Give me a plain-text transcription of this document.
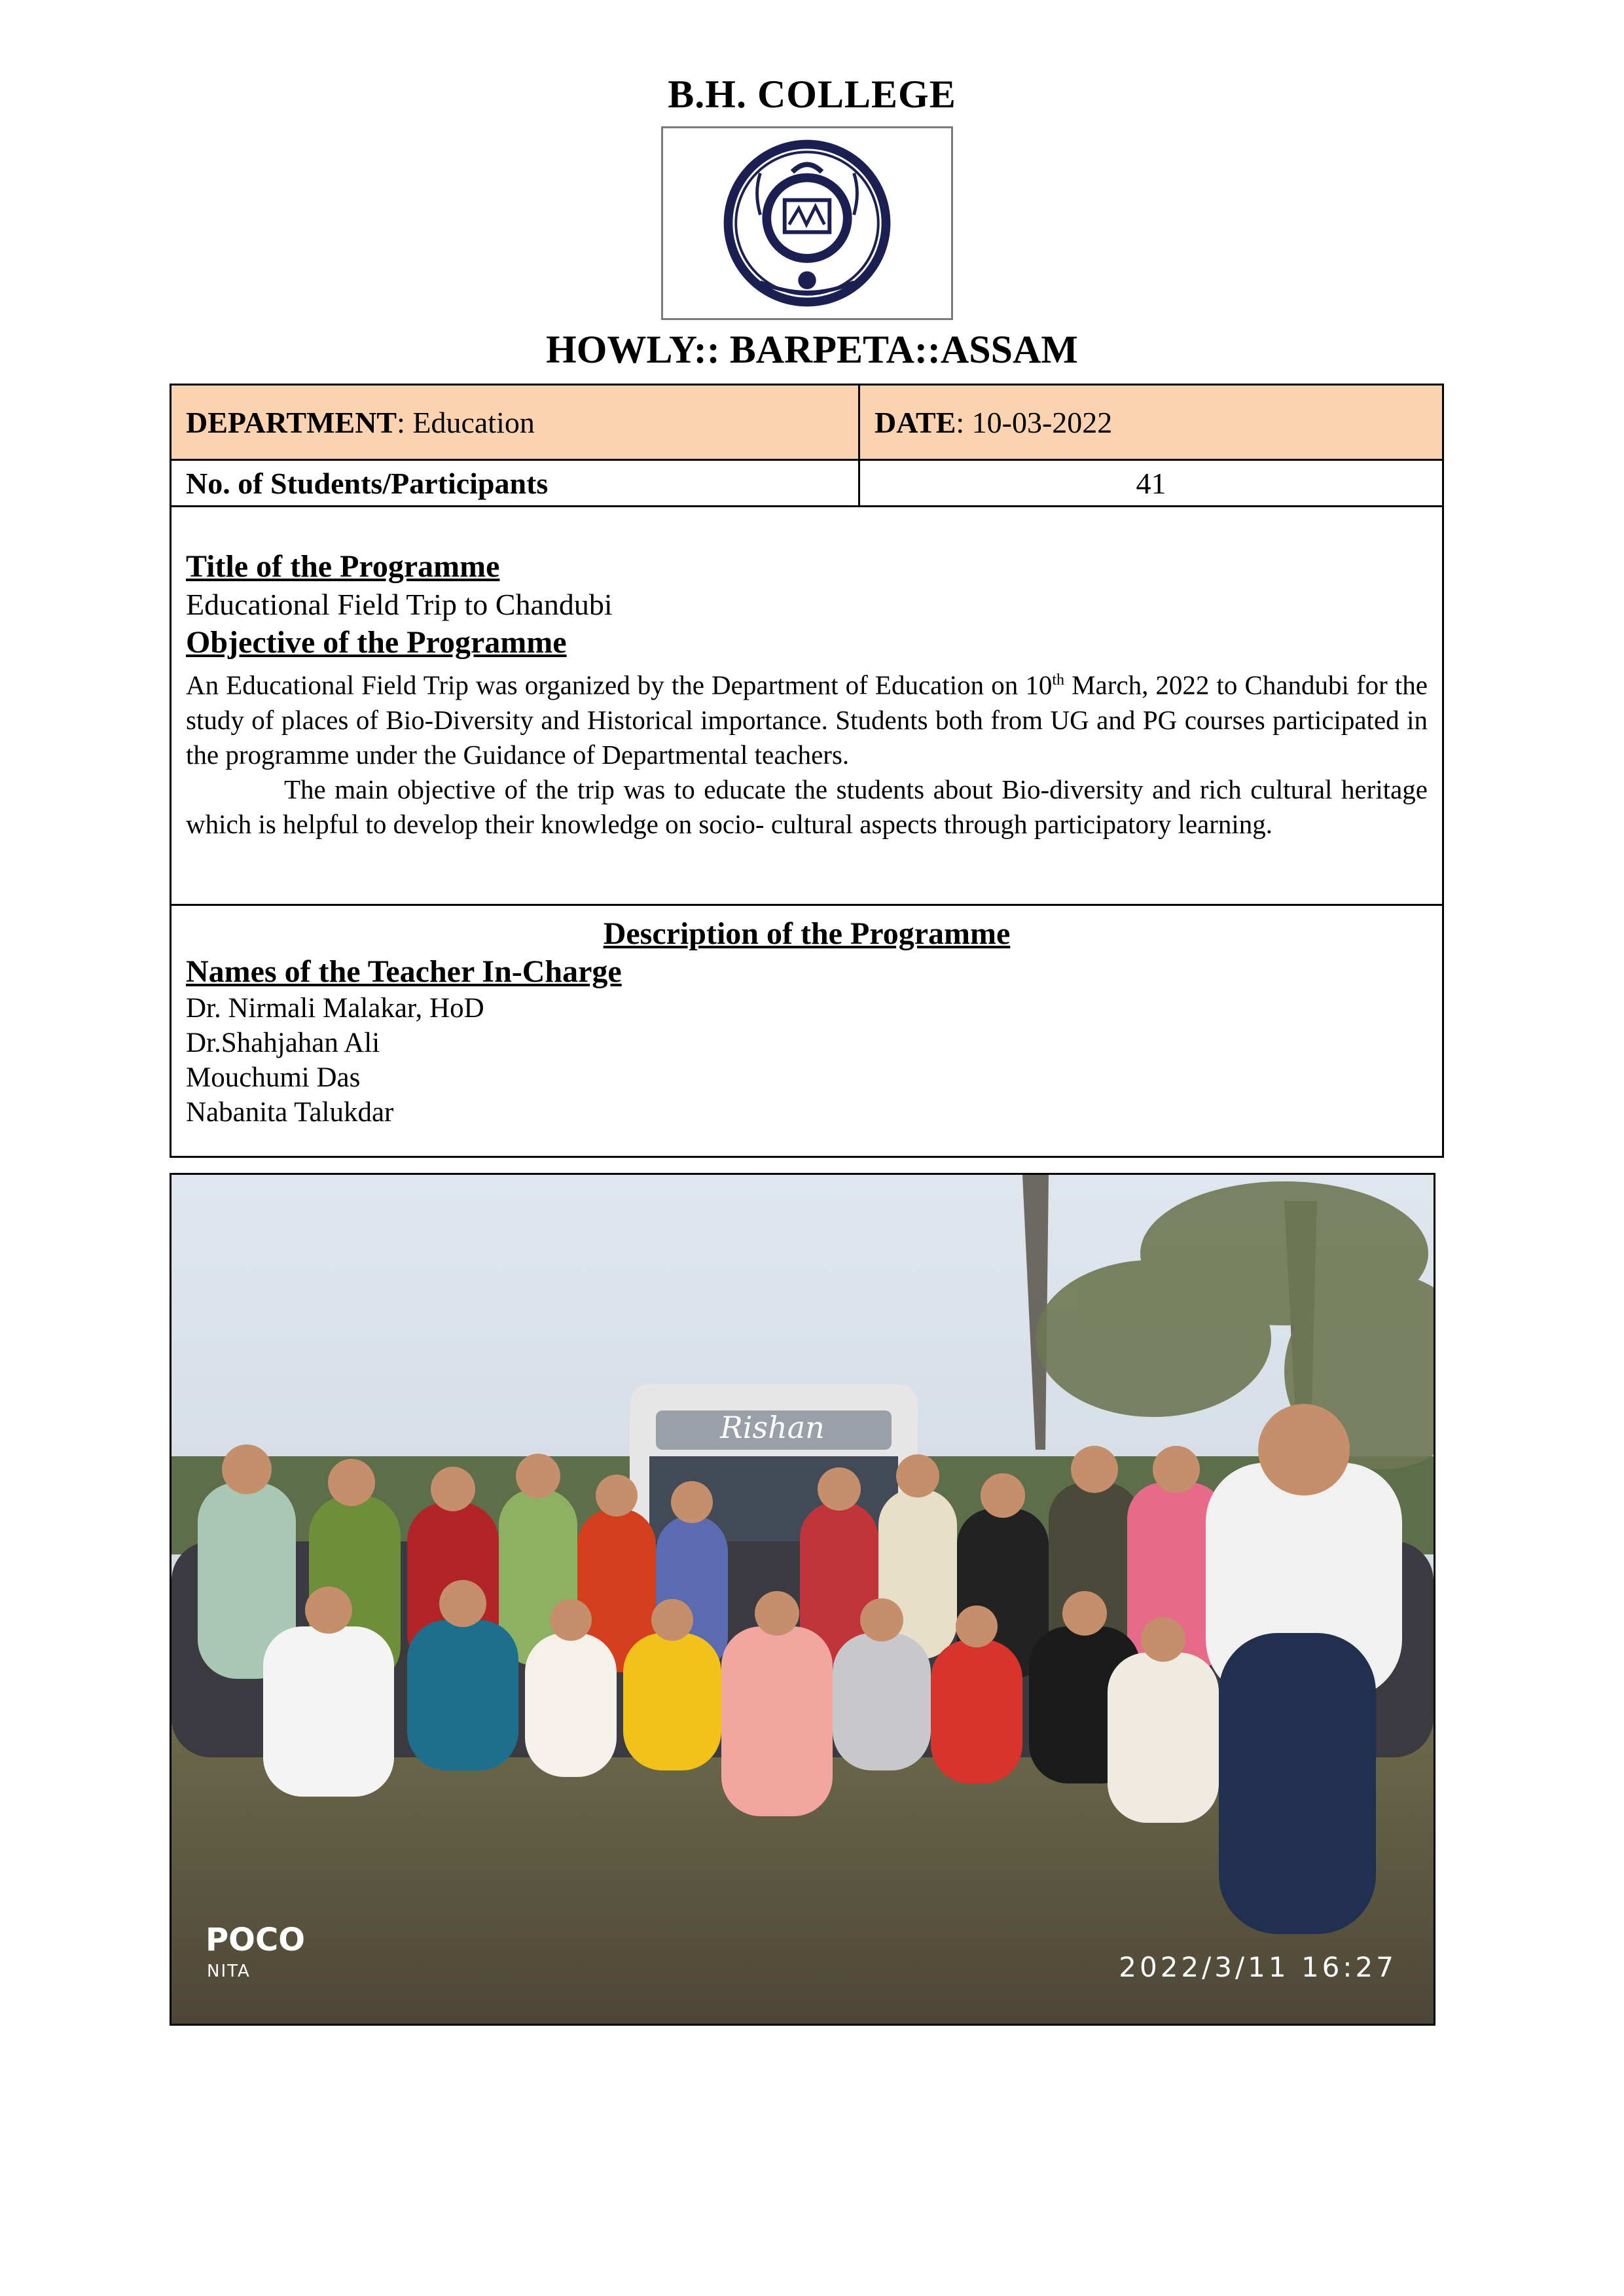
B.H. COLLEGE
HOWLY:: BARPETA::ASSAM
DEPARTMENT: Education	DATE: 10-03-2022
No. of Students/Participants	41
Title of the Programme
Educational Field Trip to Chandubi
Objective of the Programme

An Educational Field Trip was organized by the Department of Education on 10th March, 2022 to Chandubi for the study of places of Bio-Diversity and Historical importance. Students both from UG and PG courses participated in the programme under the Guidance of Departmental teachers.

The main objective of the trip was to educate the students about Bio-diversity and rich cultural heritage which is helpful to develop their knowledge on socio- cultural aspects through participatory learning.

Description of the Programme
Names of the Teacher In-Charge
Dr. Nirmali Malakar, HoD
Dr.Shahjahan Ali
Mouchumi Das
Nabanita Talukdar
Rishan
POCO
NITA	2022/3/11 16:27
